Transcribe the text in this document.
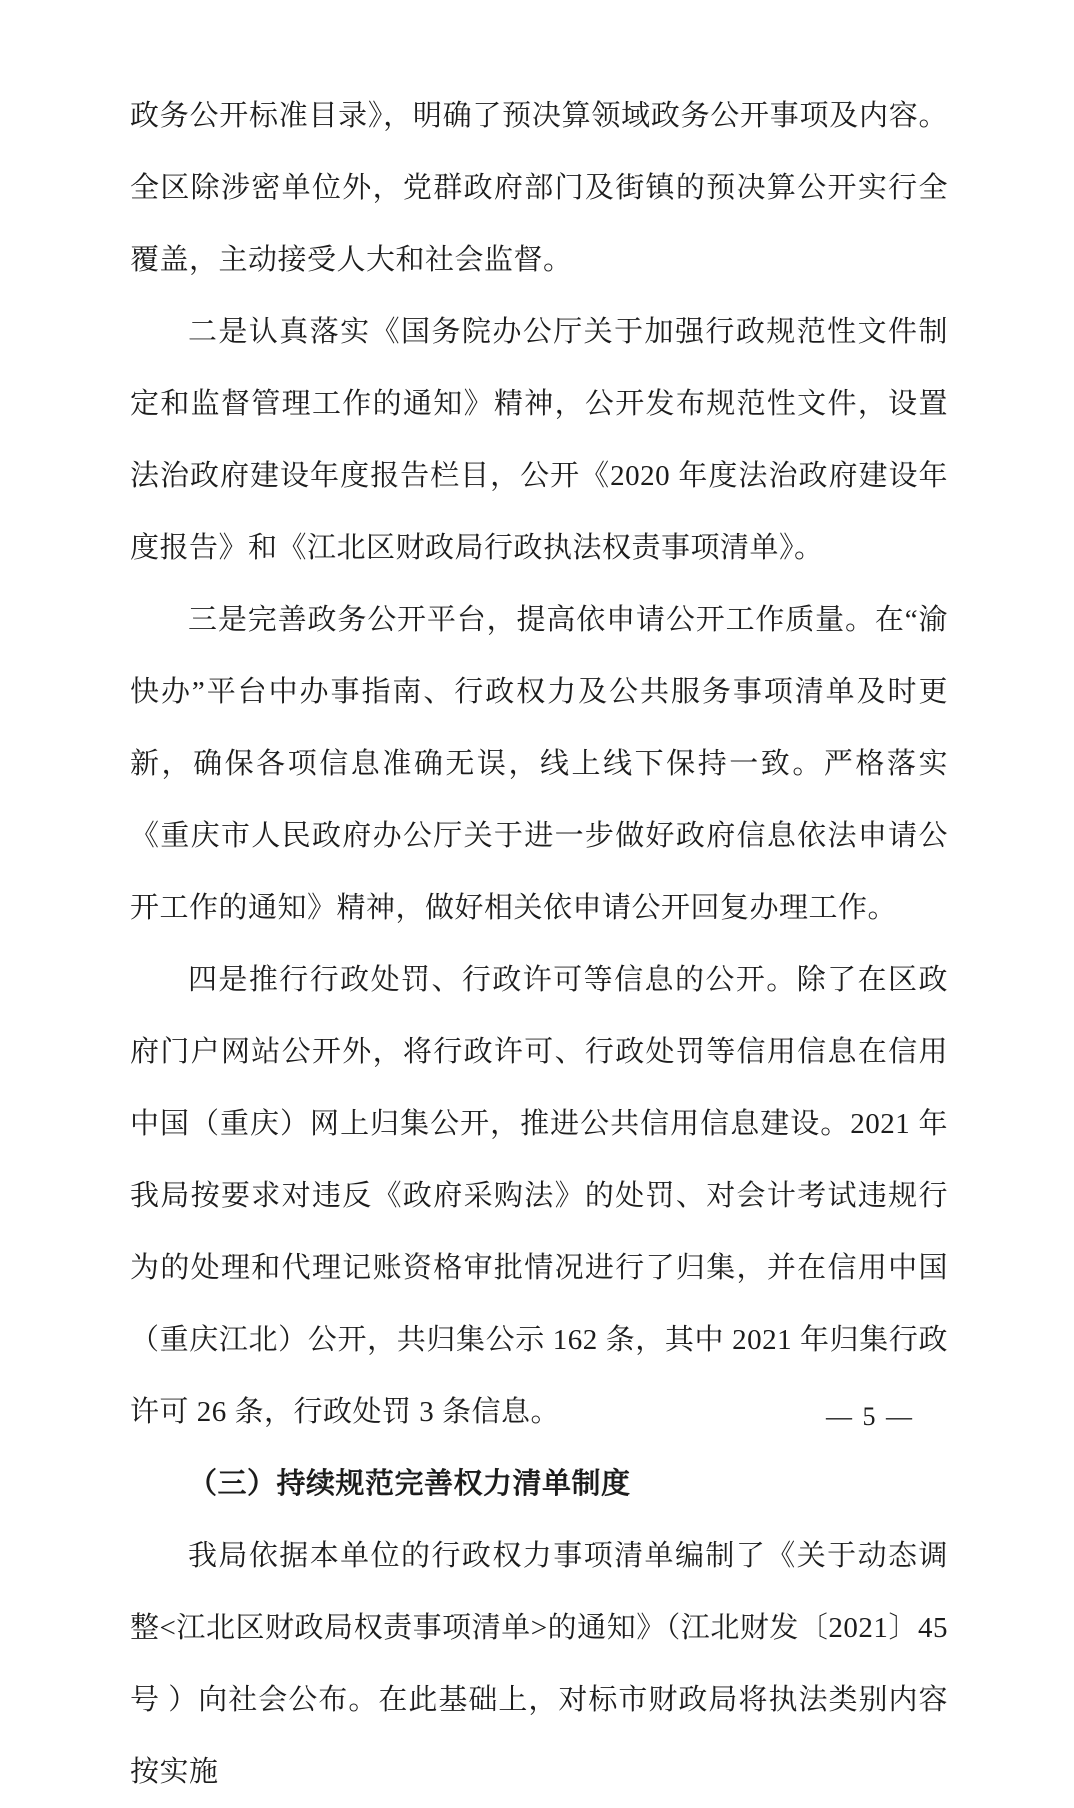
政务公开标准目录》，明确了预决算领域政务公开事项及内容。全区除涉密单位外，党群政府部门及街镇的预决算公开实行全覆盖，主动接受人大和社会监督。

二是认真落实《国务院办公厅关于加强行政规范性文件制定和监督管理工作的通知》精神，公开发布规范性文件，设置法治政府建设年度报告栏目，公开《2020 年度法治政府建设年度报告》和《江北区财政局行政执法权责事项清单》。

三是完善政务公开平台，提高依申请公开工作质量。在“渝快办”平台中办事指南、行政权力及公共服务事项清单及时更新，确保各项信息准确无误，线上线下保持一致。严格落实《重庆市人民政府办公厅关于进一步做好政府信息依法申请公开工作的通知》精神，做好相关依申请公开回复办理工作。

四是推行行政处罚、行政许可等信息的公开。除了在区政府门户网站公开外，将行政许可、行政处罚等信用信息在信用中国（重庆）网上归集公开，推进公共信用信息建设。2021 年我局按要求对违反《政府采购法》的处罚、对会计考试违规行为的处理和代理记账资格审批情况进行了归集，并在信用中国（重庆江北）公开，共归集公示 162 条，其中 2021 年归集行政许可 26 条，行政处罚 3 条信息。

（三）持续规范完善权力清单制度

我局依据本单位的行政权力事项清单编制了《关于动态调整<江北区财政局权责事项清单>的通知》（江北财发〔2021〕45 号 ）向社会公布。在此基础上，对标市财政局将执法类别内容按实施

— 5 —
